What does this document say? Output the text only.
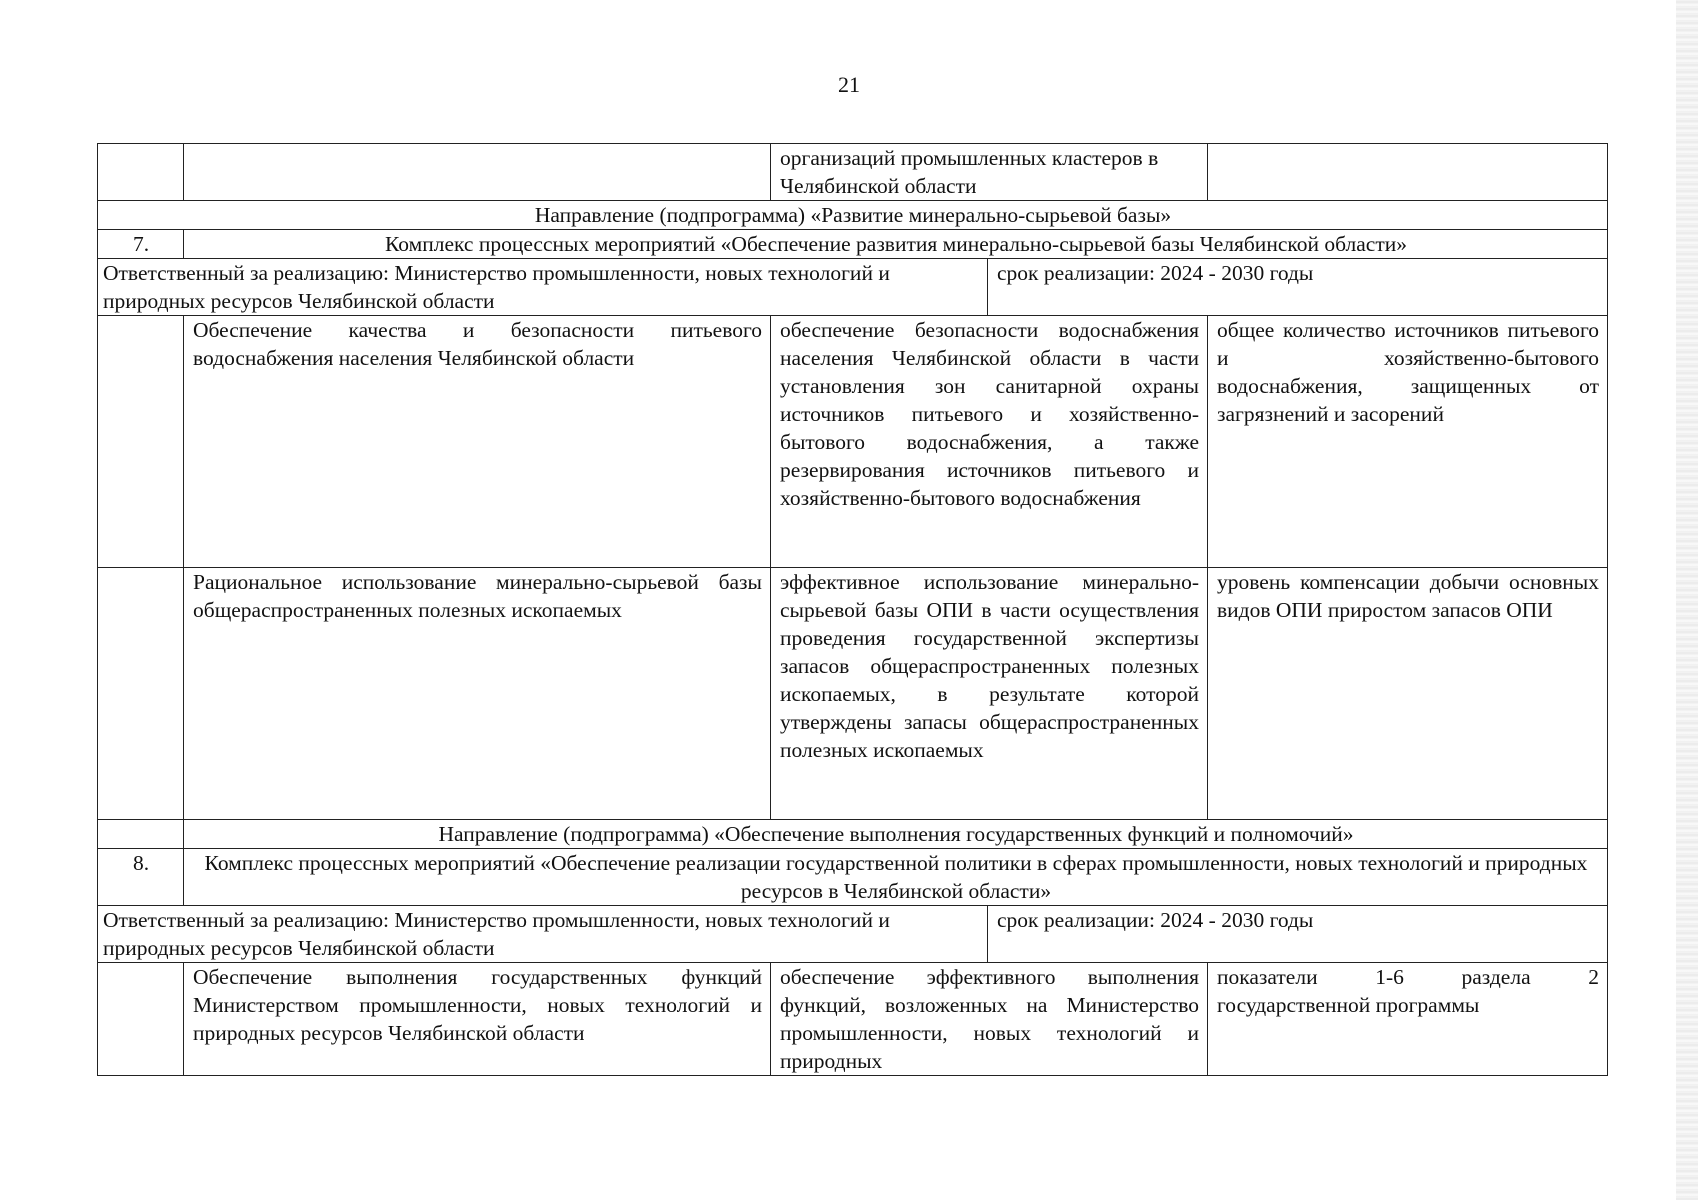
21
		организаций промышленных кластеров в Челябинской области		
Направление (подпрограмма) «Развитие минерально-сырьевой базы»				
7.	Комплекс процессных мероприятий «Обеспечение развития минерально-сырьевой базы Челябинской области»			
Ответственный за реализацию: Министерство промышленности, новых технологий и природных ресурсов Челябинской области			срок реализации: 2024 - 2030 годы	
	Обеспечение качества и безопасности питьевого водоснабжения населения Челябинской области	обеспечение безопасности водоснабжения населения Челябинской области в части установления зон санитарной охраны источников питьевого и хозяйственно-бытового водоснабжения, а также резервирования источников питьевого и хозяйственно-бытового водоснабжения		общее количество источников питьевого и хозяйственно-бытового водоснабжения, защищенных от загрязнений и засорений
	Рациональное использование минерально-сырьевой базы общераспространенных полезных ископаемых	эффективное использование минерально-сырьевой базы ОПИ в части осуществления проведения государственной экспертизы запасов общераспространенных полезных ископаемых, в результате которой утверждены запасы общераспространенных полезных ископаемых		уровень компенсации добычи основных видов ОПИ приростом запасов ОПИ
	Направление (подпрограмма) «Обеспечение выполнения государственных функций и полномочий»			
8.	Комплекс процессных мероприятий «Обеспечение реализации государственной политики в сферах промышленности, новых технологий и природных ресурсов в Челябинской области»			
Ответственный за реализацию: Министерство промышленности, новых технологий и природных ресурсов Челябинской области			срок реализации: 2024 - 2030 годы	
	Обеспечение выполнения государственных функций Министерством промышленности, новых технологий и природных ресурсов Челябинской области	обеспечение эффективного выполнения функций, возложенных на Министерство промышленности, новых технологий и природных		показатели 1-6 раздела 2 государственной программы
